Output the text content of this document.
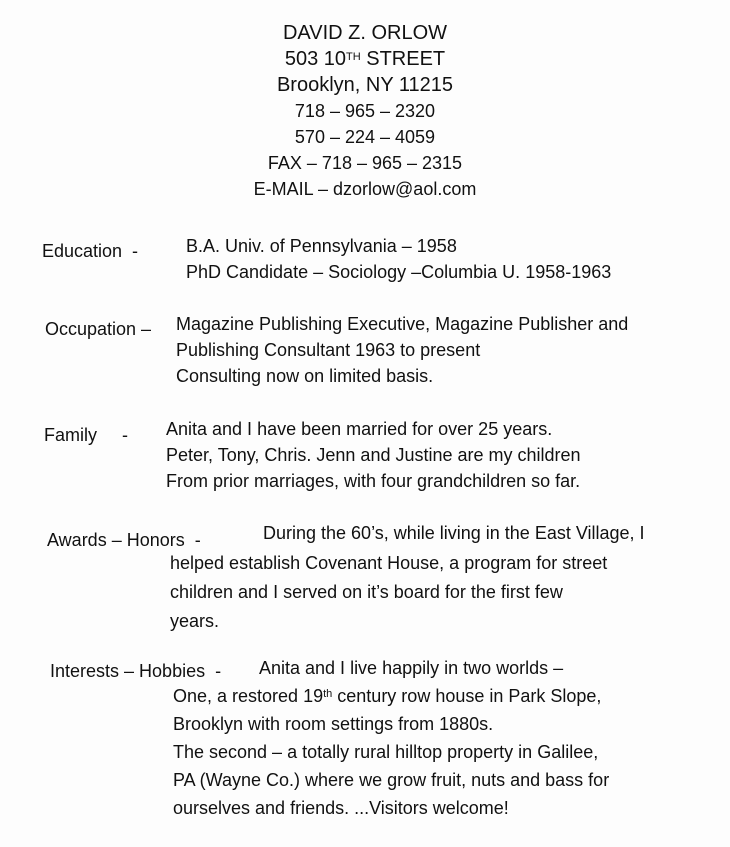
DAVID Z. ORLOW
503 10TH STREET
Brooklyn, NY 11215
718 – 965 – 2320
570 – 224 – 4059
FAX – 718 – 965 – 2315
E-MAIL – dzorlow@aol.com
Education  -	B.A. Univ. of Pennsylvania – 1958
PhD Candidate – Sociology –Columbia U. 1958-1963
Occupation – Magazine Publishing Executive, Magazine Publisher and
Publishing Consultant 1963 to present
Consulting now on limited basis.
Family     - Anita and I have been married for over 25 years.
Peter, Tony, Chris. Jenn and Justine are my children
From prior marriages, with four grandchildren so far.
Awards – Honors  -	During the 60’s, while living in the East Village, I
helped establish Covenant House, a program for street
children and I served on it’s board for the first few
years.
Interests – Hobbies  - Anita and I live happily in two worlds –
One, a restored 19th century row house in Park Slope,
Brooklyn with room settings from 1880s.
The second – a totally rural hilltop property in Galilee,
PA (Wayne Co.) where we grow fruit, nuts and bass for
ourselves and friends. ...Visitors welcome!
